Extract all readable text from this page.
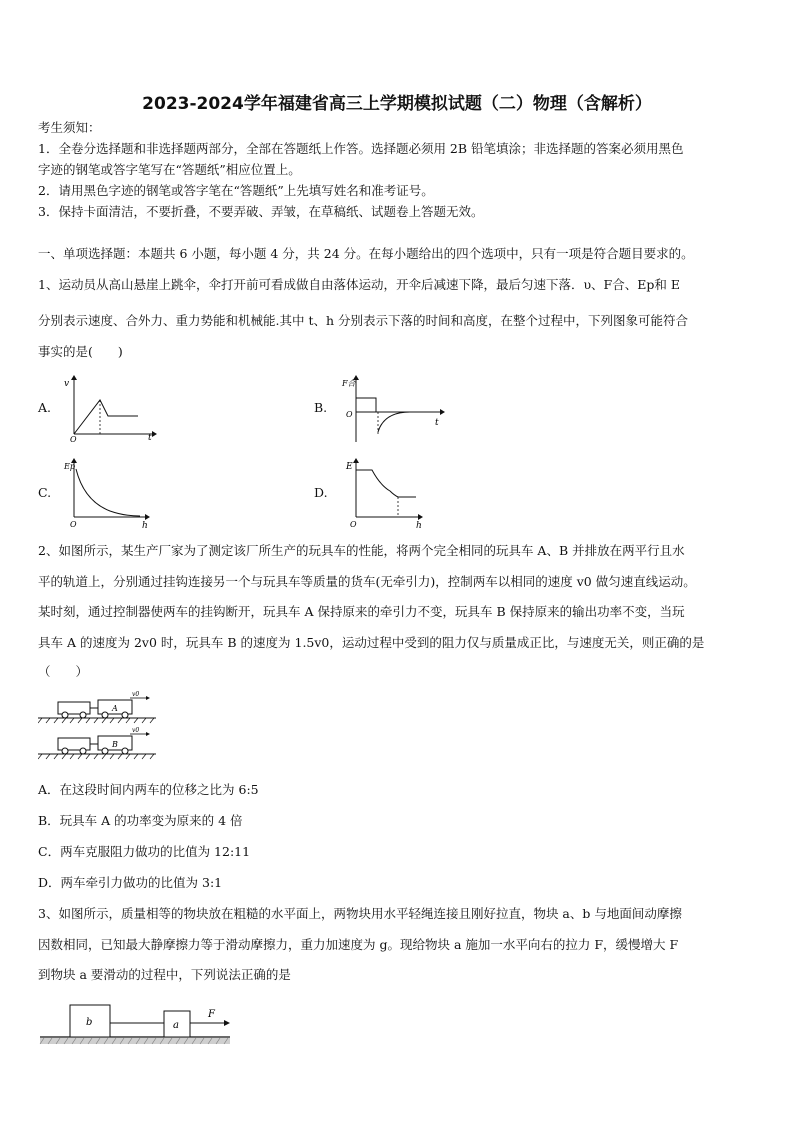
2023-2024学年福建省高三上学期模拟试题（二）物理（含解析）
考生须知：
1．全卷分选择题和非选择题两部分，全部在答题纸上作答。选择题必须用 2B 铅笔填涂；非选择题的答案必须用黑色
字迹的钢笔或答字笔写在“答题纸”相应位置上。
2．请用黑色字迹的钢笔或答字笔在“答题纸”上先填写姓名和准考证号。
3．保持卡面清洁，不要折叠，不要弄破、弄皱，在草稿纸、试题卷上答题无效。
一、单项选择题：本题共 6 小题，每小题 4 分，共 24 分。在每小题给出的四个选项中，只有一项是符合题目要求的。
1、运动员从高山悬崖上跳伞，伞打开前可看成做自由落体运动，开伞后减速下降，最后匀速下落．υ、F合、Ep和 E
分别表示速度、合外力、重力势能和机械能.其中 t、h 分别表示下落的时间和高度，在整个过程中，下列图象可能符合
事实的是(　　)
A.	B.
C.	D.
v
t
O
F合
t
O
Ep
h
O
E
h
O
2、如图所示，某生产厂家为了测定该厂所生产的玩具车的性能，将两个完全相同的玩具车 A、B 并排放在两平行且水
平的轨道上，分别通过挂钩连接另一个与玩具车等质量的货车(无牵引力)，控制两车以相同的速度 v0 做匀速直线运动。
某时刻，通过控制器使两车的挂钩断开，玩具车 A 保持原来的牵引力不变，玩具车 B 保持原来的输出功率不变，当玩
具车 A 的速度为 2v0 时，玩具车 B 的速度为 1.5v0，运动过程中受到的阻力仅与质量成正比，与速度无关，则正确的是
（　　）
A
v0
B
v0
A．在这段时间内两车的位移之比为 6:5
B．玩具车 A 的功率变为原来的 4 倍
C．两车克服阻力做功的比值为 12:11
D．两车牵引力做功的比值为 3:1
3、如图所示，质量相等的物块放在粗糙的水平面上，两物块用水平轻绳连接且刚好拉直，物块 a、b 与地面间动摩擦
因数相同，已知最大静摩擦力等于滑动摩擦力，重力加速度为 g。现给物块 a 施加一水平向右的拉力 F，缓慢增大 F
到物块 a 要滑动的过程中，下列说法正确的是
b	a
F
